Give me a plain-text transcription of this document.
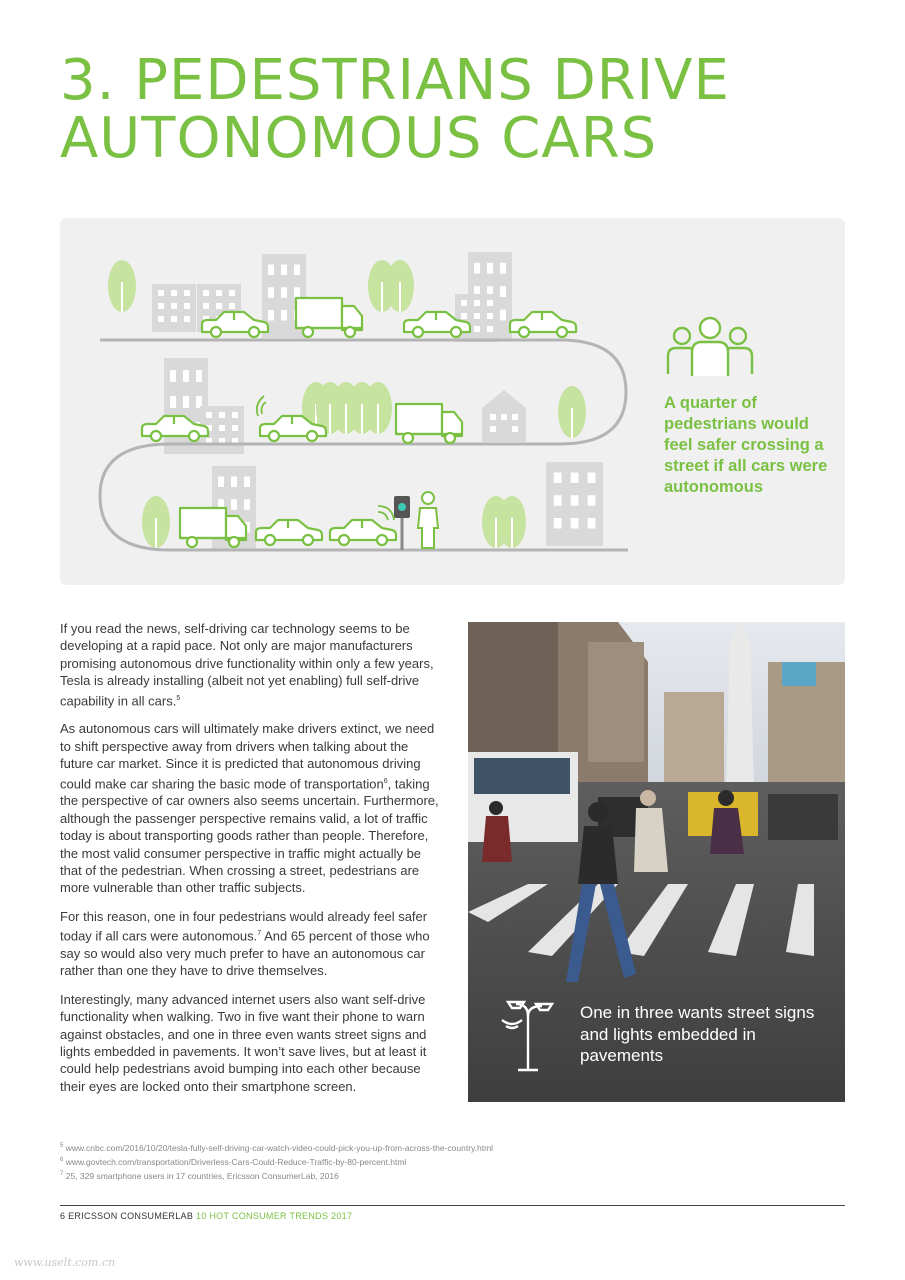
3. PEDESTRIANS DRIVE
AUTONOMOUS CARS

A quarter of pedestrians would feel safer crossing a street if all cars were autonomous

If you read the news, self-driving car technology seems to be developing at a rapid pace. Not only are major manufacturers promising autonomous drive functionality within only a few years, Tesla is already installing (albeit not yet enabling) full self-drive capability in all cars.$^5$

As autonomous cars will ultimately make drivers extinct, we need to shift perspective away from drivers when talking about the future car market. Since it is predicted that autonomous driving could make car sharing the basic mode of transportation$^6$, taking the perspective of car owners also seems uncertain. Furthermore, although the passenger perspective remains valid, a lot of traffic today is about transporting goods rather than people. Therefore, the most valid consumer perspective in traffic might actually be that of the pedestrian. When crossing a street, pedestrians are more vulnerable than other traffic subjects.

For this reason, one in four pedestrians would already feel safer today if all cars were autonomous.$^7$ And 65 percent of those who say so would also very much prefer to have an autonomous car rather than one they have to drive themselves.

Interestingly, many advanced internet users also want self-drive functionality when walking. Two in five want their phone to warn against obstacles, and one in three even wants street signs and lights embedded in pavements. It won’t save lives, but at least it could help pedestrians avoid bumping into each other because their eyes are locked onto their smartphone screen.

One in three wants street signs and lights embedded in pavements

$^5$ www.cnbc.com/2016/10/20/tesla-fully-self-driving-car-watch-video-could-pick-you-up-from-across-the-country.html
$^6$ www.govtech.com/transportation/Driverless-Cars-Could-Reduce-Traffic-by-80-percent.html
$^7$ 25, 329 smartphone users in 17 countries, Ericsson ConsumerLab, 2016
6 ERICSSON CONSUMERLAB 10 HOT CONSUMER TRENDS 2017
www.uselt.com.cn
